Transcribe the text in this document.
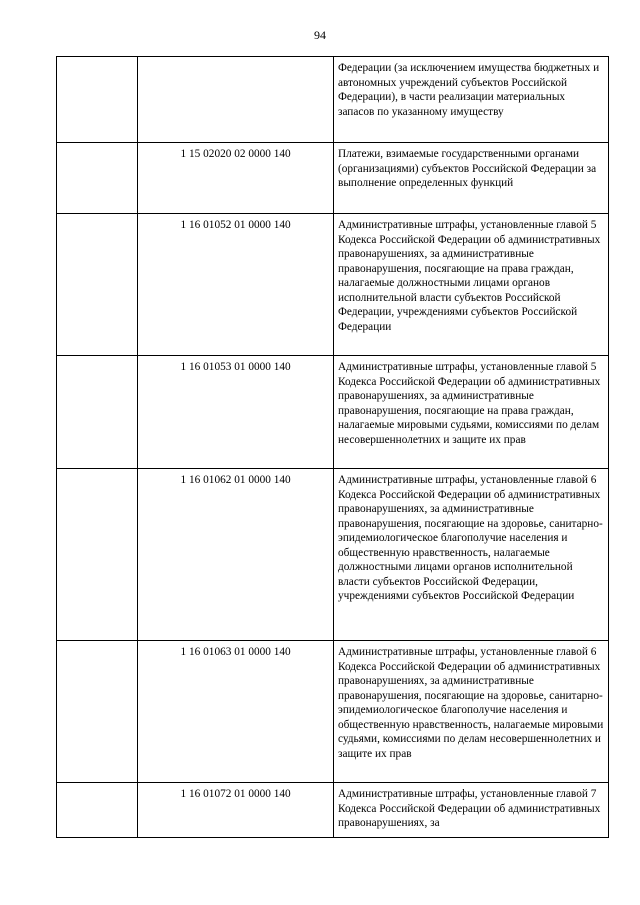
94
		Федерации (за исключением имущества бюджетных и автономных учреждений субъектов Российской Федерации), в части реализации материальных запасов по указанному имуществу
	1 15 02020 02 0000 140	Платежи, взимаемые государственными органами (организациями) субъектов Российской Федерации за выполнение определенных функций
	1 16 01052 01 0000 140	Административные штрафы, установленные главой 5 Кодекса Российской Федерации об административных правонарушениях, за административные правонарушения, посягающие на права граждан, налагаемые должностными лицами органов исполнительной власти субъектов Российской Федерации, учреждениями субъектов Российской Федерации
	1 16 01053 01 0000 140	Административные штрафы, установленные главой 5 Кодекса Российской Федерации об административных правонарушениях, за административные правонарушения, посягающие на права граждан, налагаемые мировыми судьями, комиссиями по делам несовершеннолетних и защите их прав
	1 16 01062 01 0000 140	Административные штрафы, установленные главой 6 Кодекса Российской Федерации об административных правонарушениях, за административные правонарушения, посягающие на здоровье, санитарно-эпидемиологическое благополучие населения и общественную нравственность, налагаемые должностными лицами органов исполнительной власти субъектов Российской Федерации, учреждениями субъектов Российской Федерации
	1 16 01063 01 0000 140	Административные штрафы, установленные главой 6 Кодекса Российской Федерации об административных правонарушениях, за административные правонарушения, посягающие на здоровье, санитарно-эпидемиологическое благополучие населения и общественную нравственность, налагаемые мировыми судьями, комиссиями по делам несовершеннолетних и защите их прав
	1 16 01072 01 0000 140	Административные штрафы, установленные главой 7 Кодекса Российской Федерации об административных правонарушениях, за
